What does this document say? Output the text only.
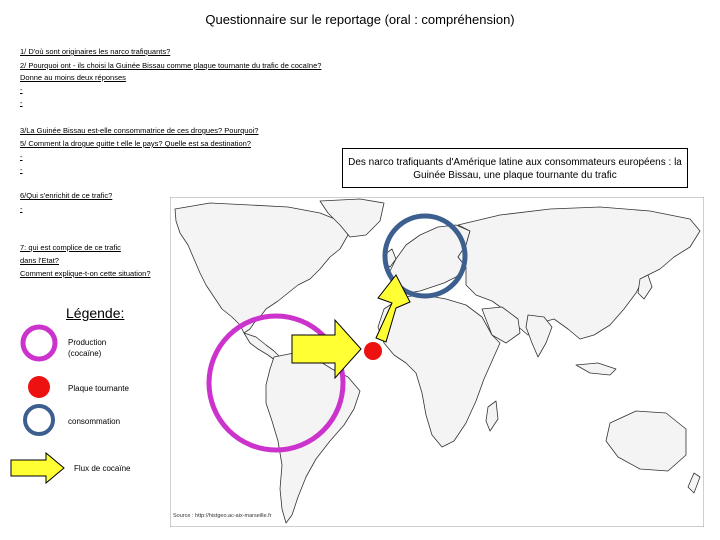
Questionnaire sur le reportage (oral : compréhension)
1/ D'où sont originaires les narco trafiquants?
2/ Pourquoi ont - ils choisi la Guinée Bissau comme plaque tournante du trafic de cocaïne?
Donne au moins deux réponses
-
-
3/La Guinée Bissau est-elle consommatrice de ces drogues? Pourquoi?
5/ Comment la drogue quitte t elle le pays? Quelle est sa destination?
-
-
6/Qui s'enrichit de ce trafic?
-
7: qui est complice de ce trafic
dans l'Etat?
Comment explique-t-on cette situation?
Des narco trafiquants d'Amérique latine aux consommateurs européens : la Guinée Bissau, une plaque tournante du trafic
Légende:
Production (cocaïne)
Plaque tournante
consommation
Flux de cocaïne
Source : http://histgeo.ac-aix-marseille.fr
